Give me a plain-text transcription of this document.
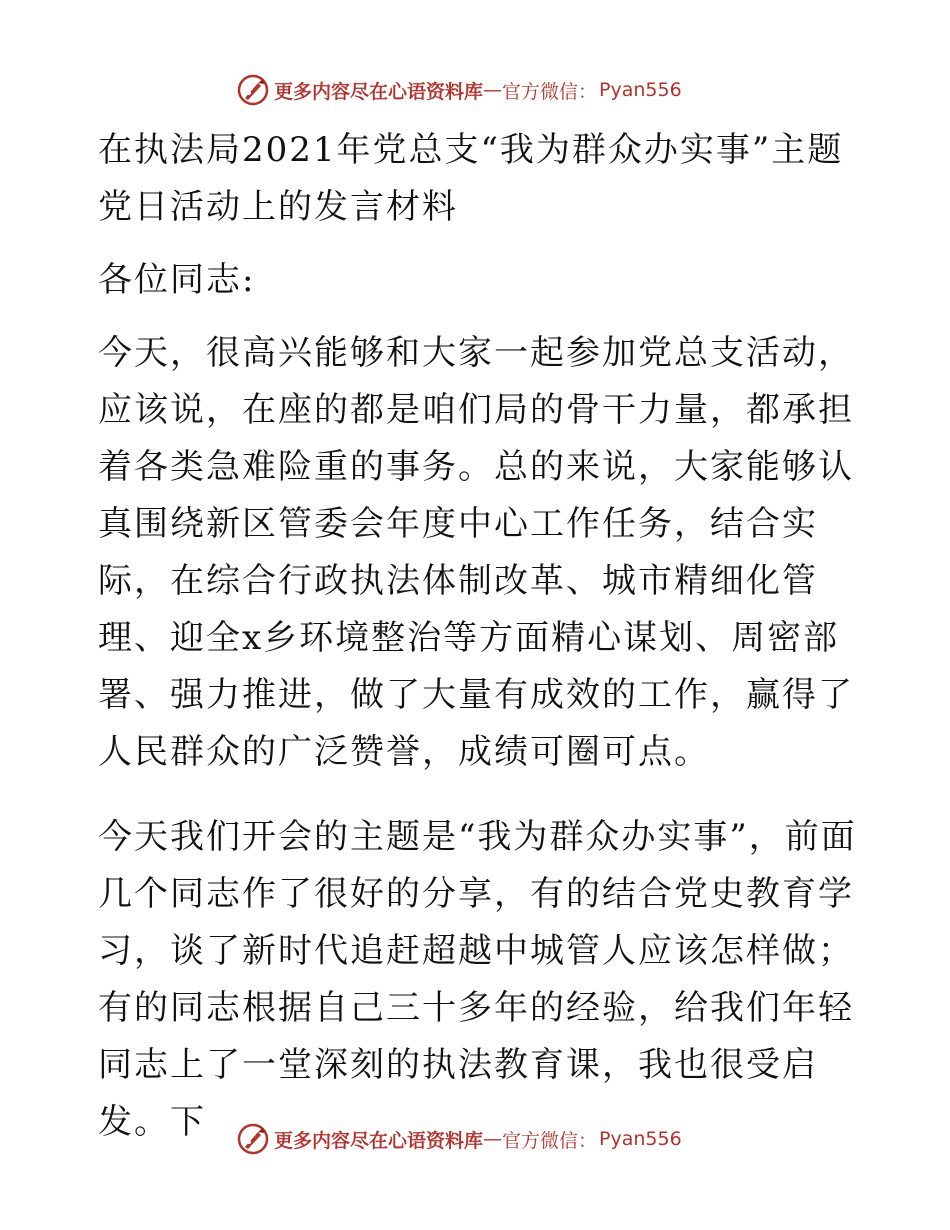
更多内容尽在心语资料库 — 官方微信： Pyan556
在执法局2021年党总支“我为群众办实事”主题党日活动上的发言材料

各位同志:

今天，很高兴能够和大家一起参加党总支活动，应该说，在座的都是咱们局的骨干力量，都承担着各类急难险重的事务。总的来说，大家能够认真围绕新区管委会年度中心工作任务，结合实际，在综合行政执法体制改革、城市精细化管理、迎全x乡环境整治等方面精心谋划、周密部署、强力推进，做了大量有成效的工作，赢得了人民群众的广泛赞誉，成绩可圈可点。

今天我们开会的主题是“我为群众办实事”，前面几个同志作了很好的分享，有的结合党史教育学习，谈了新时代追赶超越中城管人应该怎样做；有的同志根据自己三十多年的经验，给我们年轻同志上了一堂深刻的执法教育课，我也很受启发。下	更多内容尽在心语资料库 — 官方微信： Pyan556
